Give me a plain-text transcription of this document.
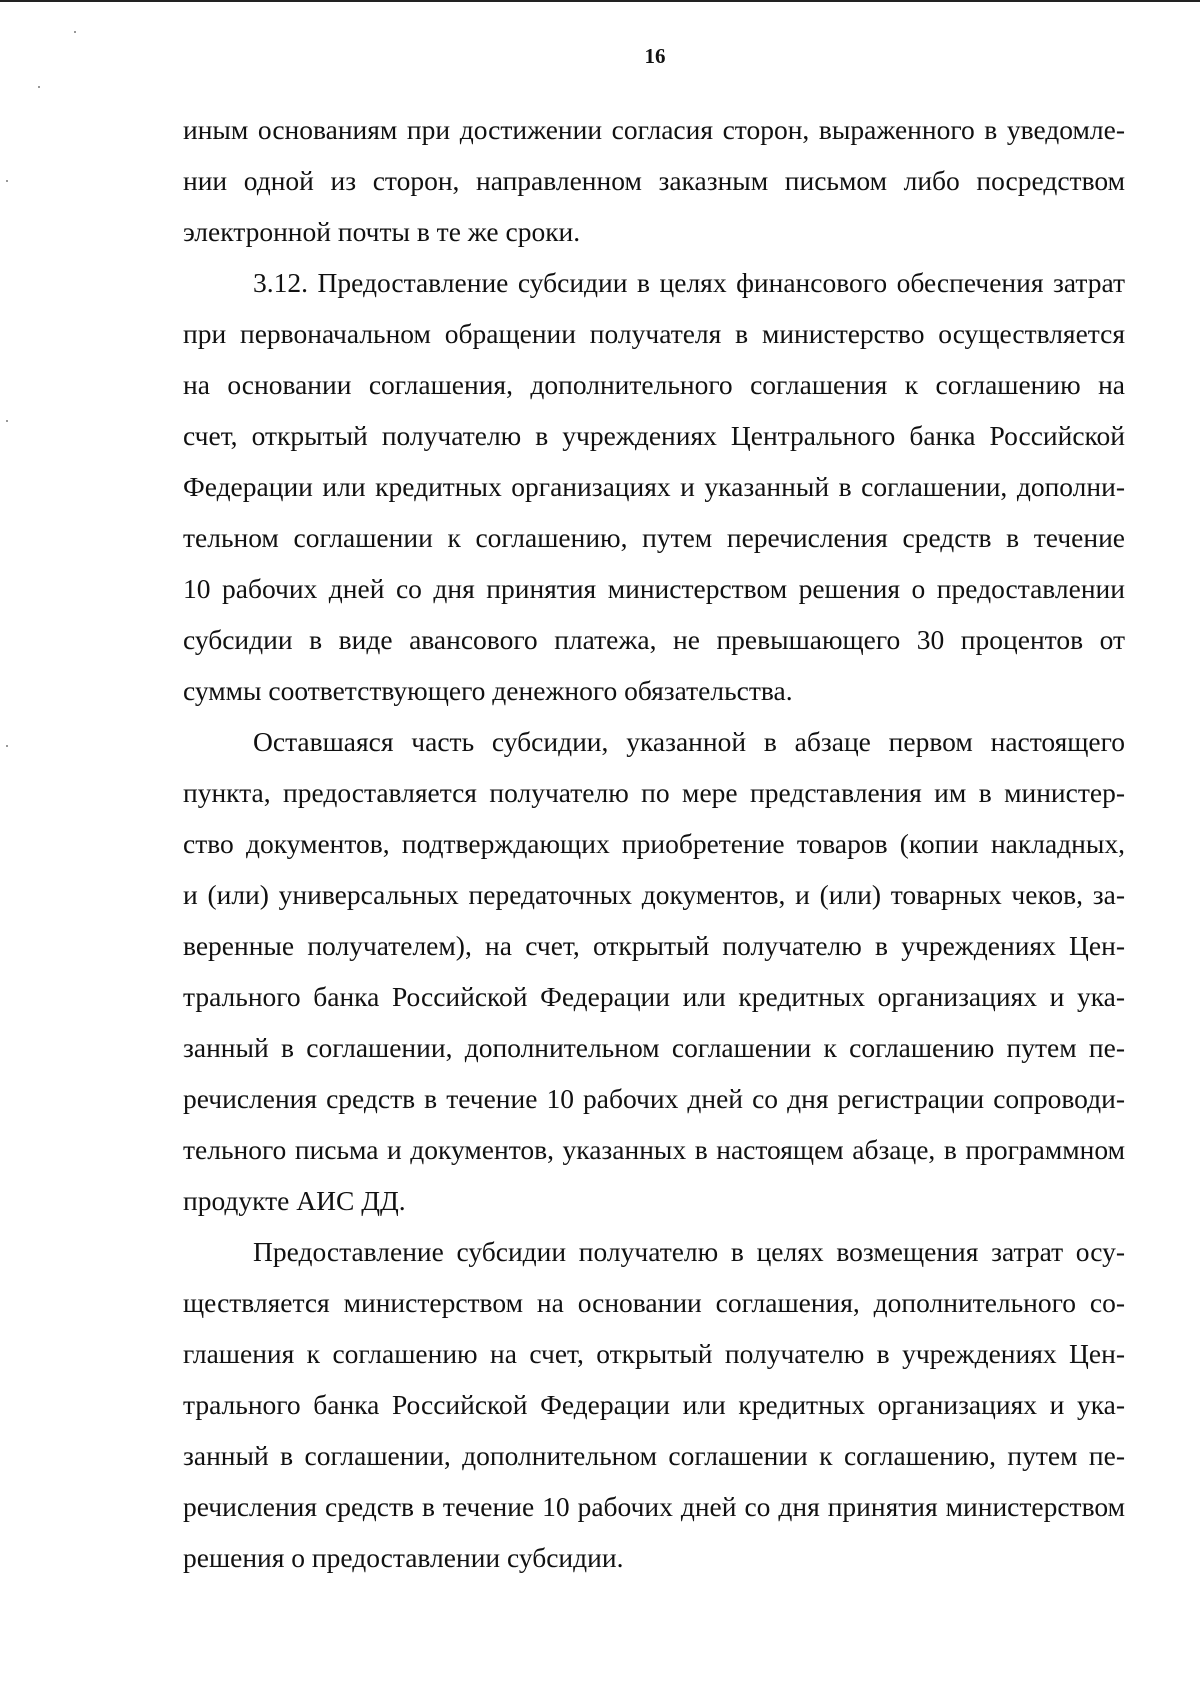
16
иным основаниям при достижении согласия сторон, выраженного в уведомле-
нии одной из сторон, направленном заказным письмом либо посредством
электронной почты в те же сроки.
3.12. Предоставление субсидии в целях финансового обеспечения затрат
при первоначальном обращении получателя в министерство осуществляется
на основании соглашения, дополнительного соглашения к соглашению на
счет, открытый получателю в учреждениях Центрального банка Российской
Федерации или кредитных организациях и указанный в соглашении, дополни-
тельном соглашении к соглашению, путем перечисления средств в течение
10 рабочих дней со дня принятия министерством решения о предоставлении
субсидии в виде авансового платежа, не превышающего 30 процентов от
суммы соответствующего денежного обязательства.
Оставшаяся часть субсидии, указанной в абзаце первом настоящего
пункта, предоставляется получателю по мере представления им в министер-
ство документов, подтверждающих приобретение товаров (копии накладных,
и (или) универсальных передаточных документов, и (или) товарных чеков, за-
веренные получателем), на счет, открытый получателю в учреждениях Цен-
трального банка Российской Федерации или кредитных организациях и ука-
занный в соглашении, дополнительном соглашении к соглашению путем пе-
речисления средств в течение 10 рабочих дней со дня регистрации сопроводи-
тельного письма и документов, указанных в настоящем абзаце, в программном
продукте АИС ДД.
Предоставление субсидии получателю в целях возмещения затрат осу-
ществляется министерством на основании соглашения, дополнительного со-
глашения к соглашению на счет, открытый получателю в учреждениях Цен-
трального банка Российской Федерации или кредитных организациях и ука-
занный в соглашении, дополнительном соглашении к соглашению, путем пе-
речисления средств в течение 10 рабочих дней со дня принятия министерством
решения о предоставлении субсидии.
